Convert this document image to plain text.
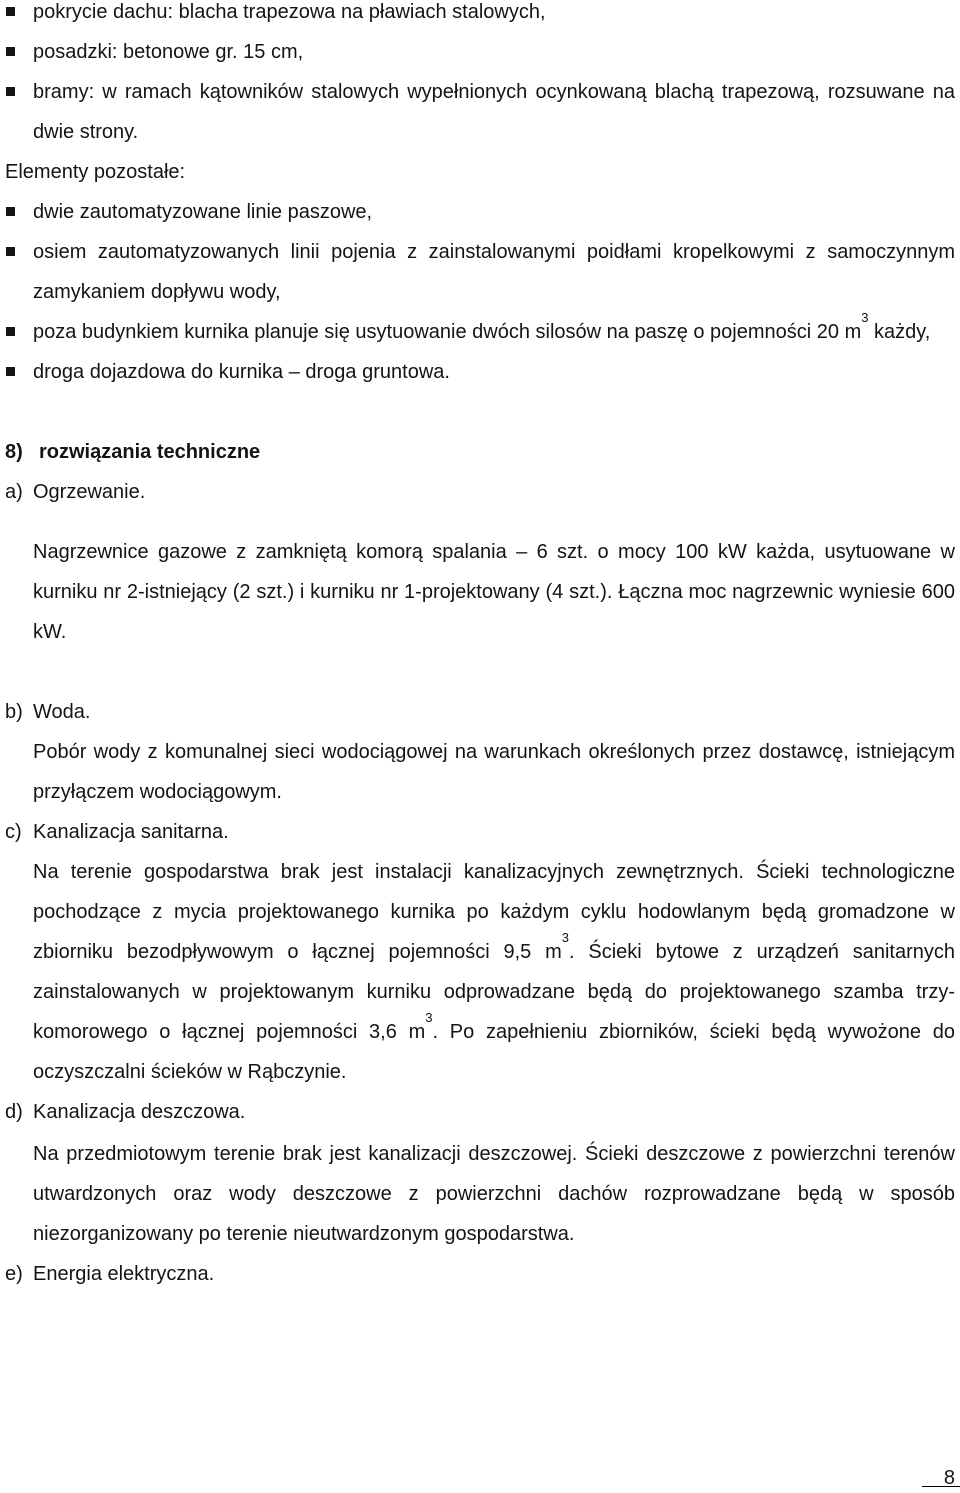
pokrycie dachu: blacha trapezowa na pławiach stalowych,
posadzki: betonowe gr. 15 cm,
bramy: w ramach kątowników stalowych wypełnionych ocynkowaną blachą trapezową, rozsuwane na dwie strony.
Elementy pozostałe:
dwie zautomatyzowane linie paszowe,
osiem zautomatyzowanych linii pojenia z zainstalowanymi poidłami kropelkowymi z samoczynnym zamykaniem dopływu wody,
poza budynkiem kurnika planuje się usytuowanie dwóch silosów na paszę o pojemności 20 $m^3$ każdy,
droga dojazdowa do kurnika – droga gruntowa.
8) rozwiązania techniczne
a) Ogrzewanie.
Nagrzewnice gazowe z zamkniętą komorą spalania – 6 szt. o mocy 100 kW każda, usytuowane w kurniku nr 2-istniejący (2 szt.) i kurniku nr 1-projektowany (4 szt.). Łączna moc nagrzewnic wyniesie 600 kW.
b) Woda.
Pobór wody z komunalnej sieci wodociągowej na warunkach określonych przez dostawcę, istniejącym przyłączem wodociągowym.
c) Kanalizacja sanitarna.
Na terenie gospodarstwa brak jest instalacji kanalizacyjnych zewnętrznych. Ścieki technologiczne pochodzące z mycia projektowanego kurnika po każdym cyklu hodowlanym będą gromadzone w zbiorniku bezodpływowym o łącznej pojemności 9,5 $m^3$. Ścieki bytowe z urządzeń sanitarnych zainstalowanych w projektowanym kurniku odprowadzane będą do projektowanego szamba trzy-komorowego o łącznej pojemności 3,6 $m^3$. Po zapełnieniu zbiorników, ścieki będą wywożone do oczyszczalni ścieków w Rąbczynie.
d) Kanalizacja deszczowa.
Na przedmiotowym terenie brak jest kanalizacji deszczowej. Ścieki deszczowe z powierzchni terenów utwardzonych oraz wody deszczowe z powierzchni dachów rozprowadzane będą w sposób niezorganizowany po terenie nieutwardzonym gospodarstwa.
e) Energia elektryczna.
8
